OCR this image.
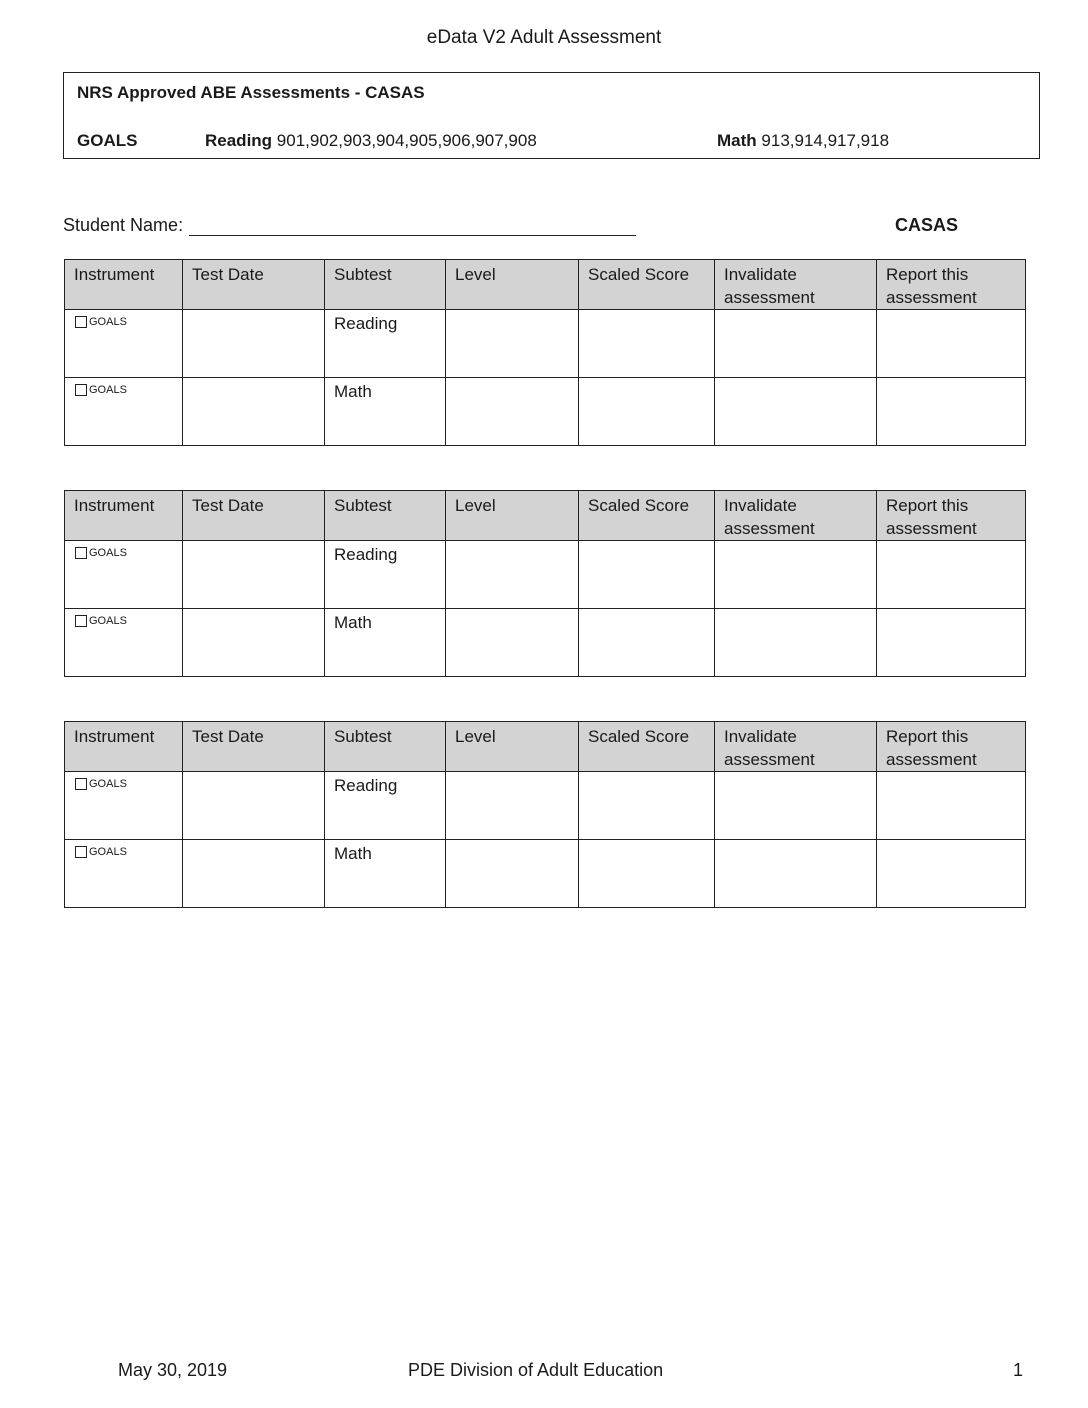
eData V2 Adult Assessment
NRS Approved ABE Assessments - CASAS
GOALS	Reading 901,902,903,904,905,906,907,908	Math 913,914,917,918
Student Name:	CASAS
May 30, 2019	PDE Division of Adult Education	1
Instrument	Test Date	Subtest	Level	Scaled Score	Invalidate assessment	Report this assessment
GOALS		Reading				
GOALS		Math				
Instrument	Test Date	Subtest	Level	Scaled Score	Invalidate assessment	Report this assessment
GOALS		Reading				
GOALS		Math				
Instrument	Test Date	Subtest	Level	Scaled Score	Invalidate assessment	Report this assessment
GOALS		Reading				
GOALS		Math				
